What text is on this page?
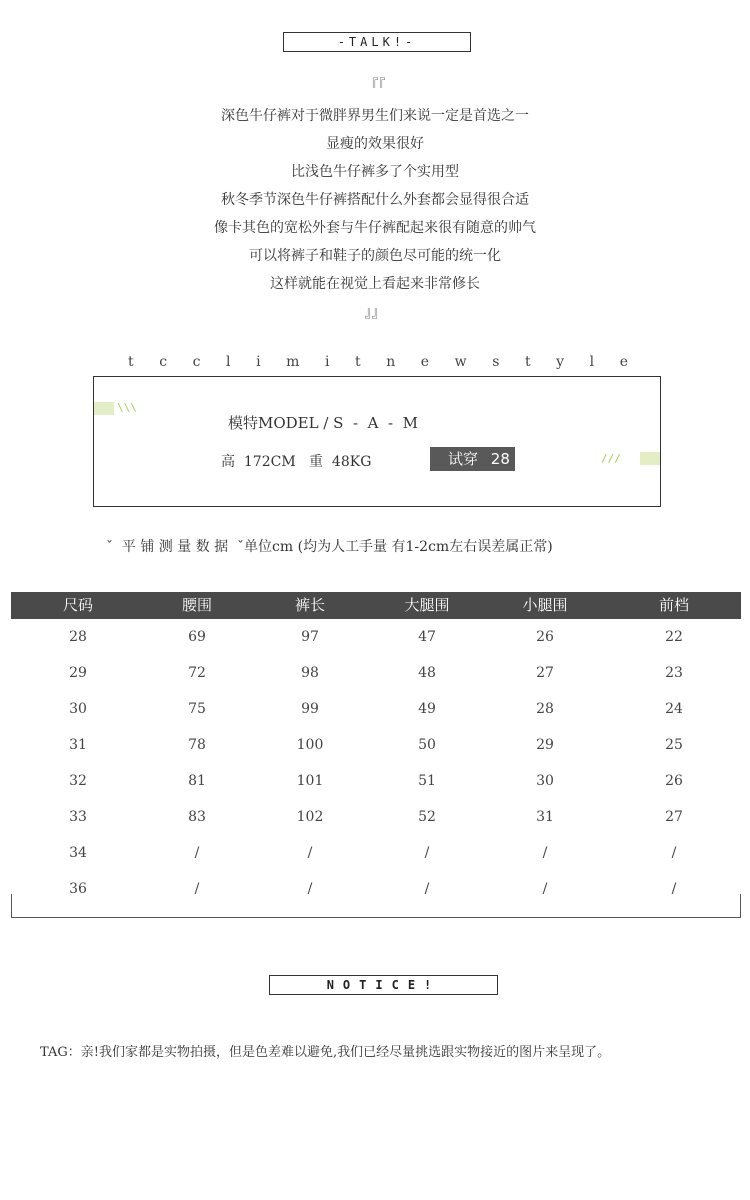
-TALK!-
『『
深色牛仔裤对于微胖界男生们来说一定是首选之一
显瘦的效果很好
比浅色牛仔裤多了个实用型
秋冬季节深色牛仔裤搭配什么外套都会显得很合适
像卡其色的宽松外套与牛仔裤配起来很有随意的帅气
可以将裤子和鞋子的颜色尽可能的统一化
这样就能在视觉上看起来非常修长
』』
t c c l i m i t n e w s t y l e
\\\
///
模特MODEL / S  -  A  -  M
高  172CM   重  48KG	试穿 28
ˇ  平 铺 测 量 数 据  ˇ单位cm (均为人工手量 有1-2cm左右误差属正常)
尺码	腰围	裤长	大腿围	小腿围	前档
28	69	97	47	26	22
29	72	98	48	27	23
30	75	99	49	28	24
31	78	100	50	29	25
32	81	101	51	30	26
33	83	102	52	31	27
34	/	/	/	/	/
36	/	/	/	/	/
NOTICE!
TAG：亲!我们家都是实物拍摄，但是色差难以避免,我们已经尽量挑选跟实物接近的图片来呈现了。
